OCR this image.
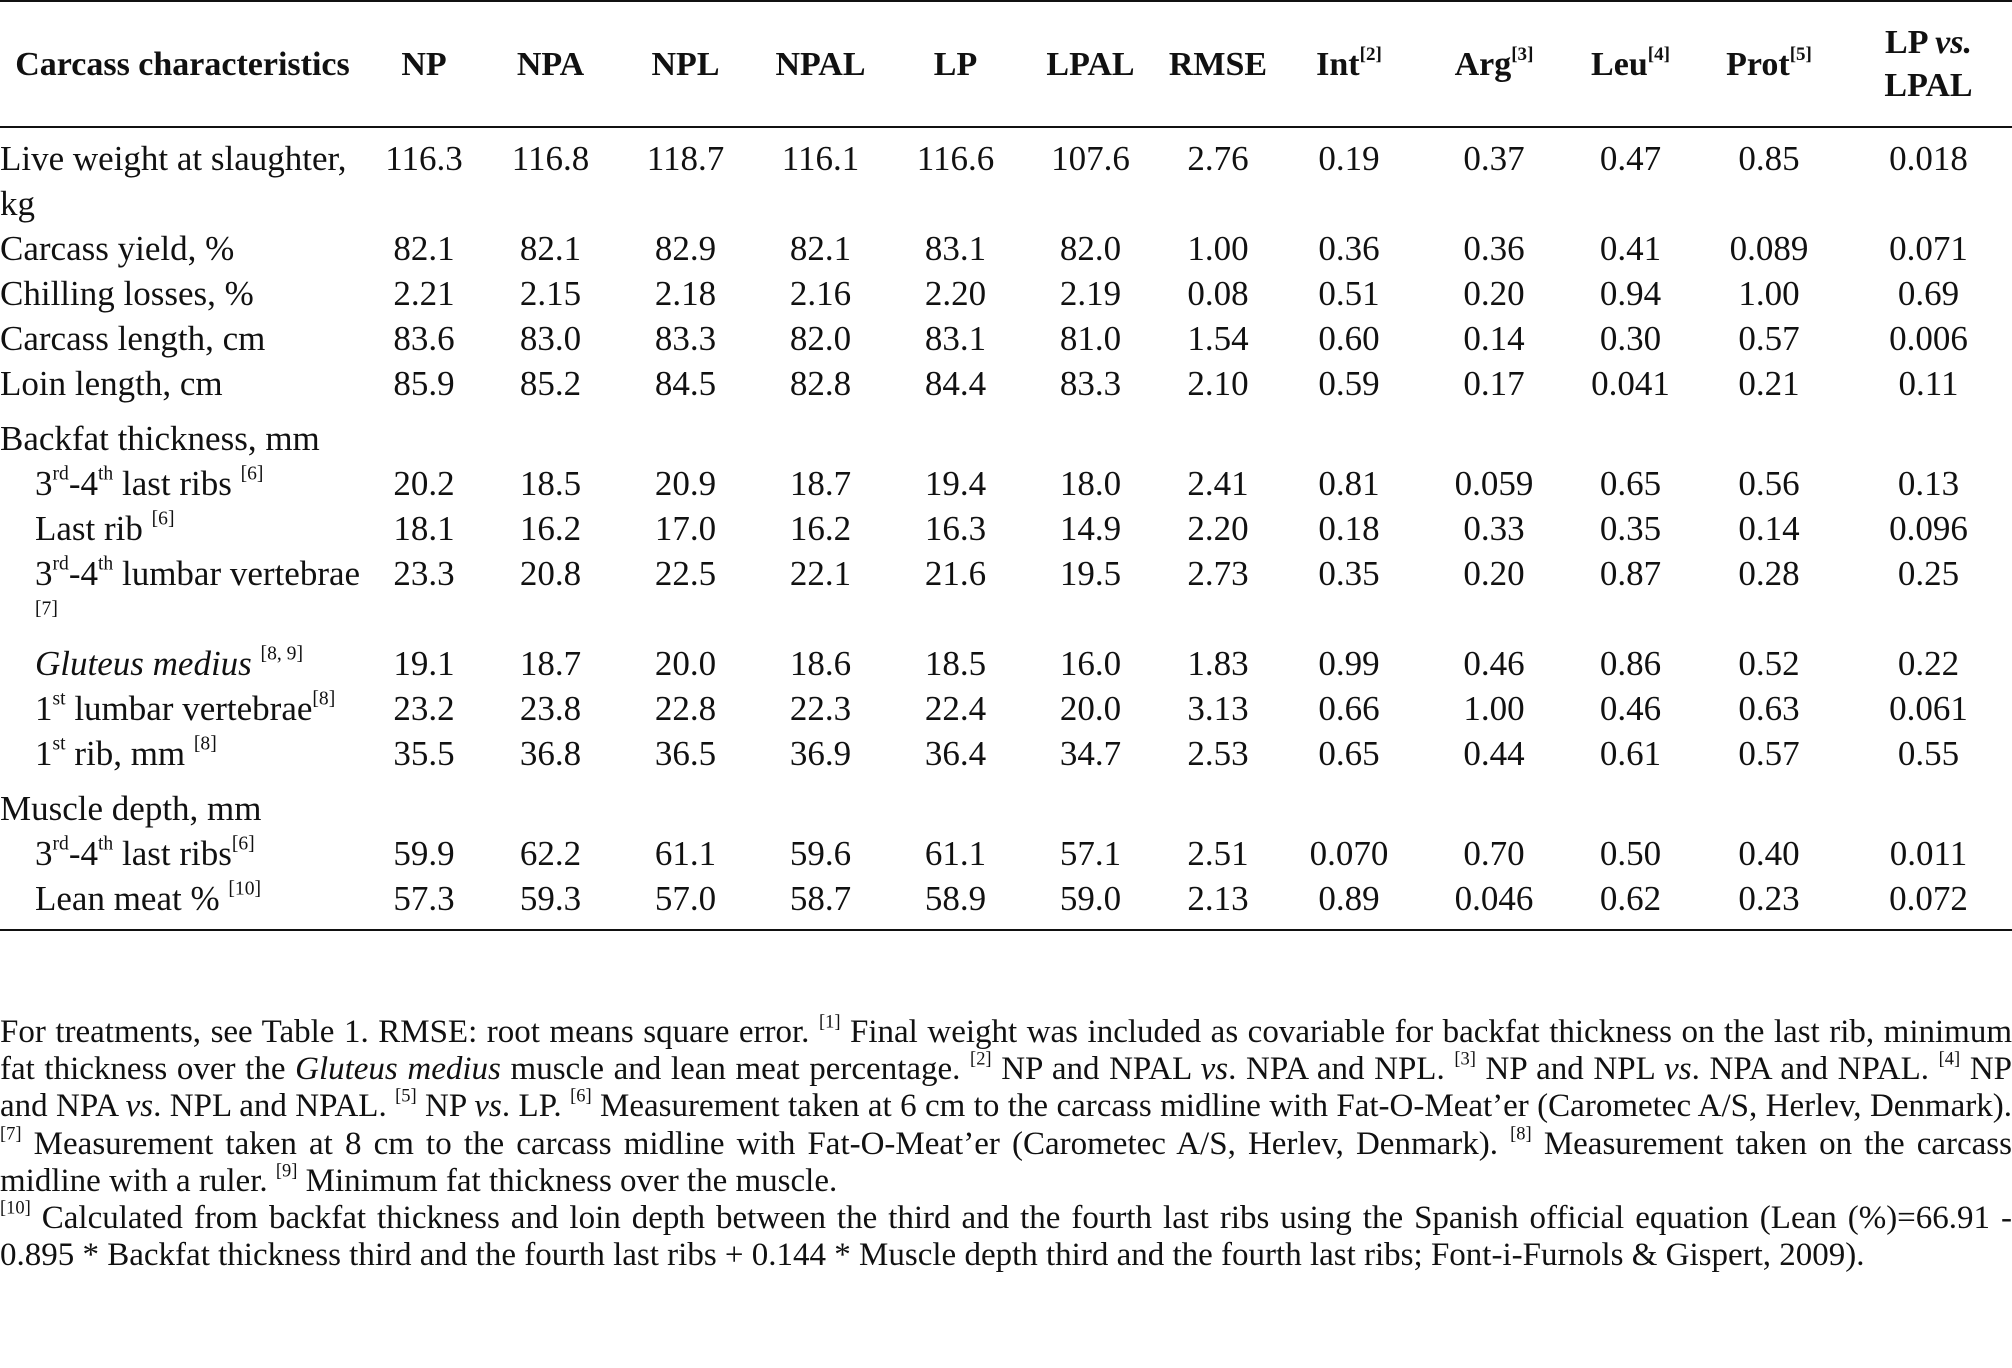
Carcass characteristics	NP	NPA	NPL	NPAL	LP	LPAL	RMSE	Int[2]	Arg[3]	Leu[4]	Prot[5]	LP vs.
LPAL
Live weight at slaughter, kg	116.3	116.8	118.7	116.1	116.6	107.6	2.76	0.19	0.37	0.47	0.85	0.018
Carcass yield, %	82.1	82.1	82.9	82.1	83.1	82.0	1.00	0.36	0.36	0.41	0.089	0.071
Chilling losses, %	2.21	2.15	2.18	2.16	2.20	2.19	0.08	0.51	0.20	0.94	1.00	0.69
Carcass length, cm	83.6	83.0	83.3	82.0	83.1	81.0	1.54	0.60	0.14	0.30	0.57	0.006
Loin length, cm	85.9	85.2	84.5	82.8	84.4	83.3	2.10	0.59	0.17	0.041	0.21	0.11
Backfat thickness, mm												
3rd-4th last ribs [6]	20.2	18.5	20.9	18.7	19.4	18.0	2.41	0.81	0.059	0.65	0.56	0.13
Last rib [6]	18.1	16.2	17.0	16.2	16.3	14.9	2.20	0.18	0.33	0.35	0.14	0.096
3rd-4th lumbar vertebrae [7]	23.3	20.8	22.5	22.1	21.6	19.5	2.73	0.35	0.20	0.87	0.28	0.25
Gluteus medius [8, 9]	19.1	18.7	20.0	18.6	18.5	16.0	1.83	0.99	0.46	0.86	0.52	0.22
1st lumbar vertebrae[8]	23.2	23.8	22.8	22.3	22.4	20.0	3.13	0.66	1.00	0.46	0.63	0.061
1st rib, mm [8]	35.5	36.8	36.5	36.9	36.4	34.7	2.53	0.65	0.44	0.61	0.57	0.55
Muscle depth, mm												
3rd-4th last ribs[6]	59.9	62.2	61.1	59.6	61.1	57.1	2.51	0.070	0.70	0.50	0.40	0.011
Lean meat % [10]	57.3	59.3	57.0	58.7	58.9	59.0	2.13	0.89	0.046	0.62	0.23	0.072

For treatments, see Table 1. RMSE: root means square error. [1] Final weight was included as covariable for backfat thickness on the last rib, minimum fat thickness over the Gluteus medius muscle and lean meat percentage. [2] NP and NPAL vs. NPA and NPL. [3] NP and NPL vs. NPA and NPAL. [4] NP and NPA vs. NPL and NPAL. [5] NP vs. LP. [6] Measurement taken at 6 cm to the carcass midline with Fat-O-Meat’er (Carometec A/S, Herlev, Denmark). [7] Measurement taken at 8 cm to the carcass midline with Fat-O-Meat’er (Carometec A/S, Herlev, Denmark). [8] Measurement taken on the carcass midline with a ruler. [9] Minimum fat thickness over the muscle.
[10] Calculated from backfat thickness and loin depth between the third and the fourth last ribs using the Spanish official equation (Lean (%)=66.91 - 0.895 * Backfat thickness third and the fourth last ribs + 0.144 * Muscle depth third and the fourth last ribs; Font-i-Furnols & Gispert, 2009).
